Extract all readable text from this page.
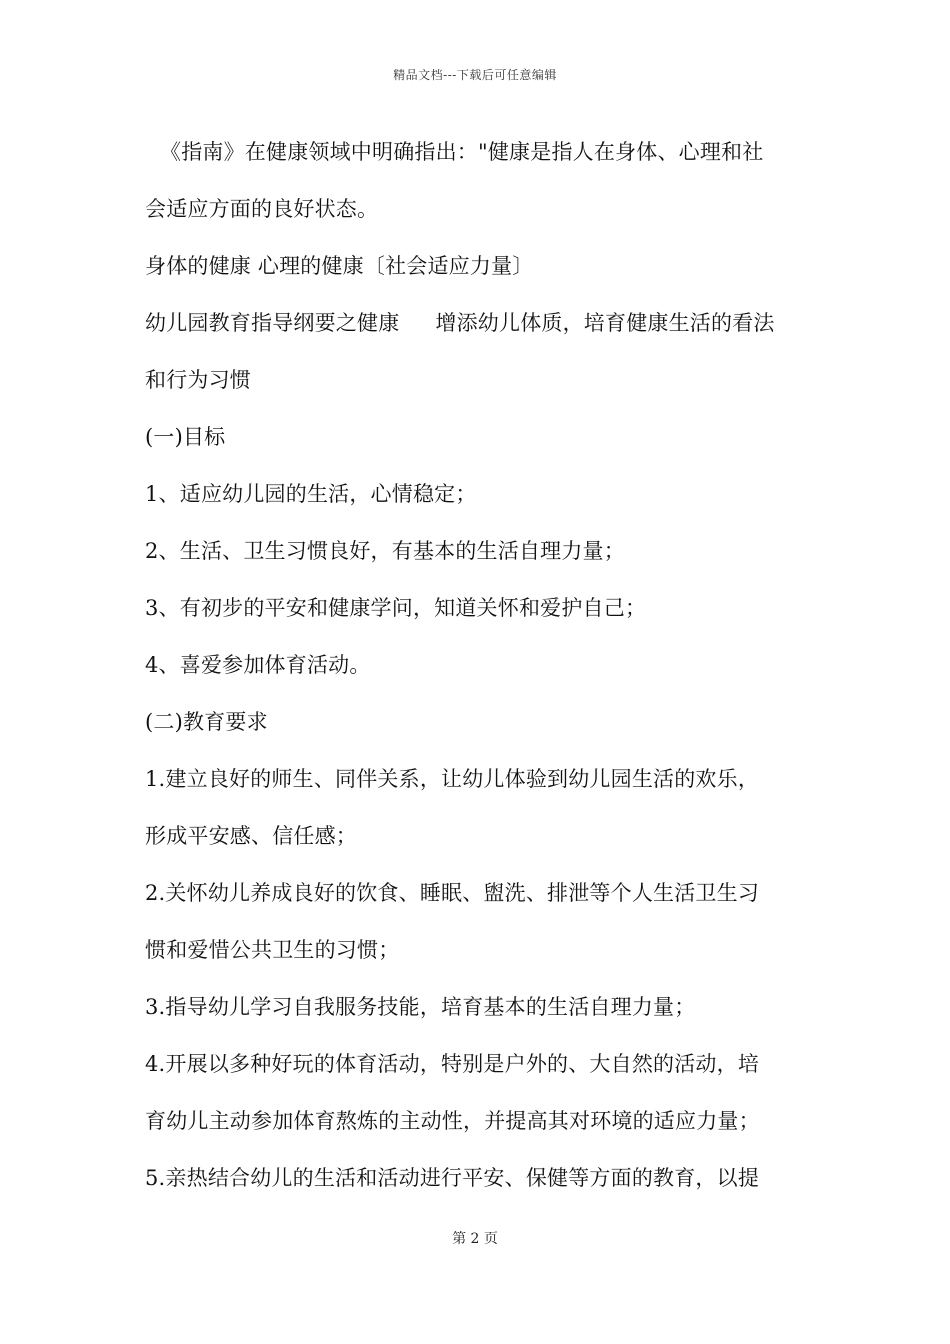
精品文档---下载后可任意编辑
《指南》在健康领域中明确指出："健康是指人在身体、心理和社
会适应方面的良好状态。
身体的健康 心理的健康〔社会适应力量〕
幼儿园教育指导纲要之健康 增添幼儿体质，培育健康生活的看法
和行为习惯
(一)目标
1、适应幼儿园的生活，心情稳定；
2、生活、卫生习惯良好，有基本的生活自理力量；
3、有初步的平安和健康学问，知道关怀和爱护自己；
4、喜爱参加体育活动。
(二)教育要求
1.建立良好的师生、同伴关系，让幼儿体验到幼儿园生活的欢乐，
形成平安感、信任感；
2.关怀幼儿养成良好的饮食、睡眠、盥洗、排泄等个人生活卫生习
惯和爱惜公共卫生的习惯；
3.指导幼儿学习自我服务技能，培育基本的生活自理力量；
4.开展以多种好玩的体育活动，特别是户外的、大自然的活动，培
育幼儿主动参加体育熬炼的主动性，并提高其对环境的适应力量；
5.亲热结合幼儿的生活和活动进行平安、保健等方面的教育，以提
第 2 页
